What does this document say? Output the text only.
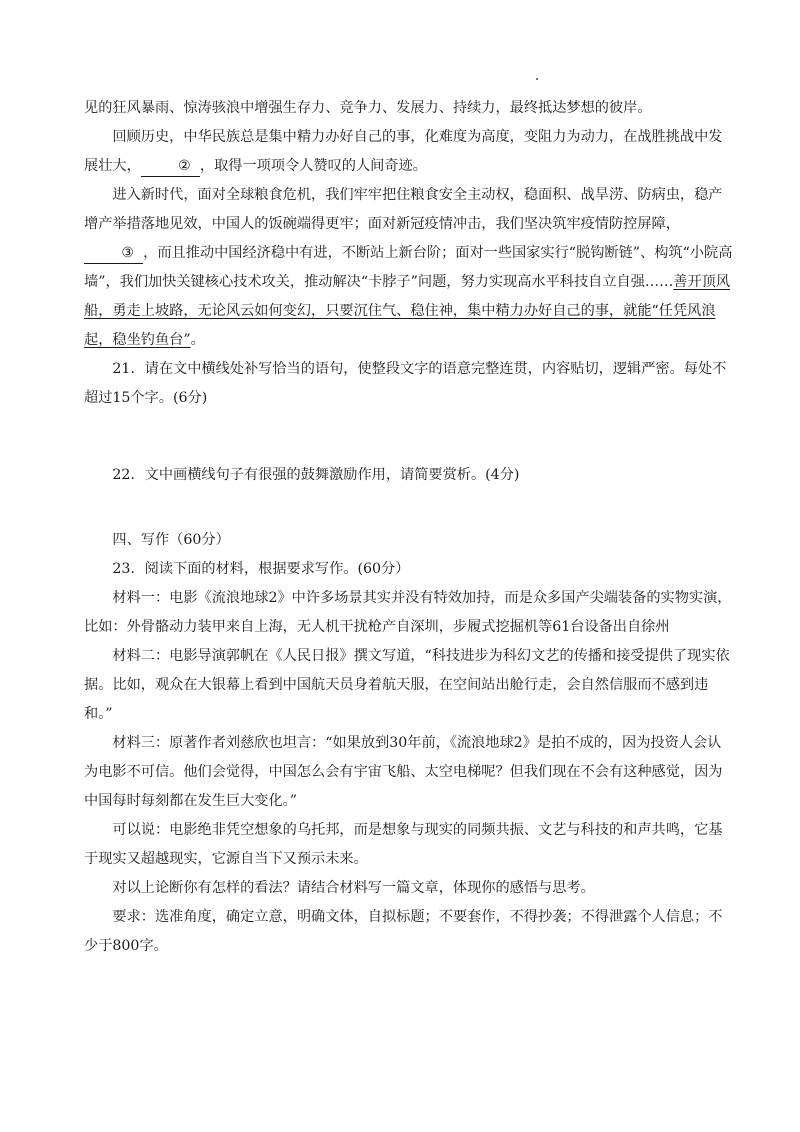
见的狂风暴雨、惊涛骇浪中增强生存力、竞争力、发展力、持续力，最终抵达梦想的彼岸。

回顾历史，中华民族总是集中精力办好自己的事，化难度为高度，变阻力为动力，在战胜挑战中发展壮大，	② ，取得一项项令人赞叹的人间奇迹。

进入新时代，面对全球粮食危机，我们牢牢把住粮食安全主动权，稳面积、战旱涝、防病虫，稳产增产举措落地见效，中国人的饭碗端得更牢；面对新冠疫情冲击，我们坚决筑牢疫情防控屏障，③ ，而且推动中国经济稳中有进，不断站上新台阶；面对一些国家实行“脱钩断链”、构筑“小院高墙”，我们加快关键核心技术攻关，推动解决“卡脖子”问题，努力实现高水平科技自立自强……善开顶风船，勇走上坡路，无论风云如何变幻，只要沉住气、稳住神，集中精力办好自己的事，就能“任凭风浪起，稳坐钓鱼台”。

21．请在文中横线处补写恰当的语句，使整段文字的语意完整连贯，内容贴切，逻辑严密。每处不超过15个字。(6分)

22．文中画横线句子有很强的鼓舞激励作用，请简要赏析。(4分)

四、写作（60分）

23．阅读下面的材料，根据要求写作。(60分）

材料一：电影《流浪地球2》中许多场景其实并没有特效加持，而是众多国产尖端装备的实物实演，比如：外骨骼动力装甲来自上海，无人机干扰枪产自深圳，步履式挖掘机等61台设备出自徐州

材料二：电影导演郭帆在《人民日报》撰文写道，“科技进步为科幻文艺的传播和接受提供了现实依据。比如，观众在大银幕上看到中国航天员身着航天服，在空间站出舱行走，会自然信服而不感到违和。”

材料三：原著作者刘慈欣也坦言：“如果放到30年前，《流浪地球2》是拍不成的，因为投资人会认为电影不可信。他们会觉得，中国怎么会有宇宙飞船、太空电梯呢？但我们现在不会有这种感觉，因为中国每时每刻都在发生巨大变化。”

可以说：电影绝非凭空想象的乌托邦，而是想象与现实的同频共振、文艺与科技的和声共鸣，它基于现实又超越现实，它源自当下又预示未来。

对以上论断你有怎样的看法？请结合材料写一篇文章，体现你的感悟与思考。

要求：选准角度，确定立意，明确文体，自拟标题；不要套作，不得抄袭；不得泄露个人信息；不少于800字。
